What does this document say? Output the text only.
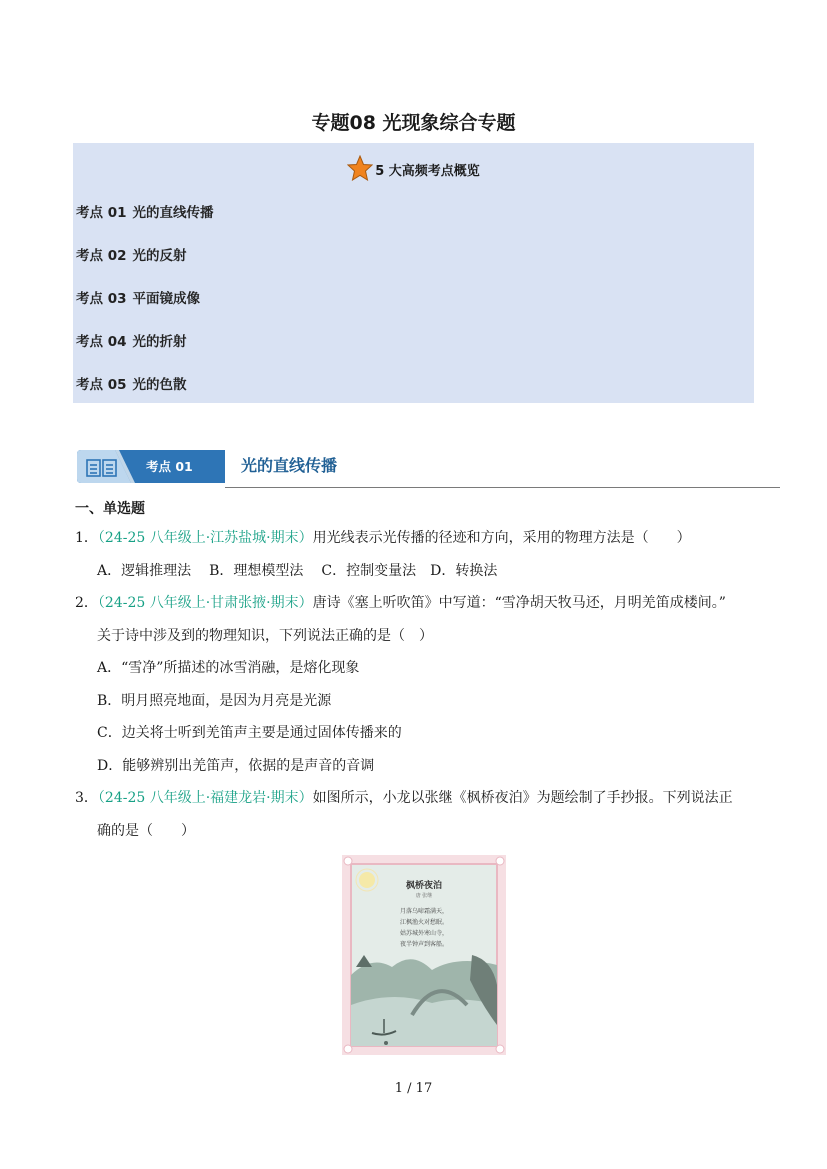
专题08 光现象综合专题
5 大高频考点概览
考点 01 光的直线传播
考点 02 光的反射
考点 03 平面镜成像
考点 04 光的折射
考点 05 光的色散
考点 01	光的直线传播
一、单选题
1．（24-25 八年级上·江苏盐城·期末）用光线表示光传播的径迹和方向，采用的物理方法是（　　）
A．逻辑推理法 B．理想模型法 C．控制变量法 D．转换法
2．（24-25 八年级上·甘肃张掖·期末）唐诗《塞上听吹笛》中写道：“雪净胡天牧马还，月明羌笛成楼间。”
关于诗中涉及到的物理知识，下列说法正确的是（　）
A．“雪净”所描述的冰雪消融，是熔化现象
B．明月照亮地面，是因为月亮是光源
C．边关将士听到羌笛声主要是通过固体传播来的
D．能够辨别出羌笛声，依据的是声音的音调
3．（24-25 八年级上·福建龙岩·期末）如图所示，小龙以张继《枫桥夜泊》为题绘制了手抄报。下列说法正
确的是（　　）
枫桥夜泊
唐 张继
月落乌啼霜满天，
江枫渔火对愁眠。
姑苏城外寒山寺，
夜半钟声到客船。
1 / 17
